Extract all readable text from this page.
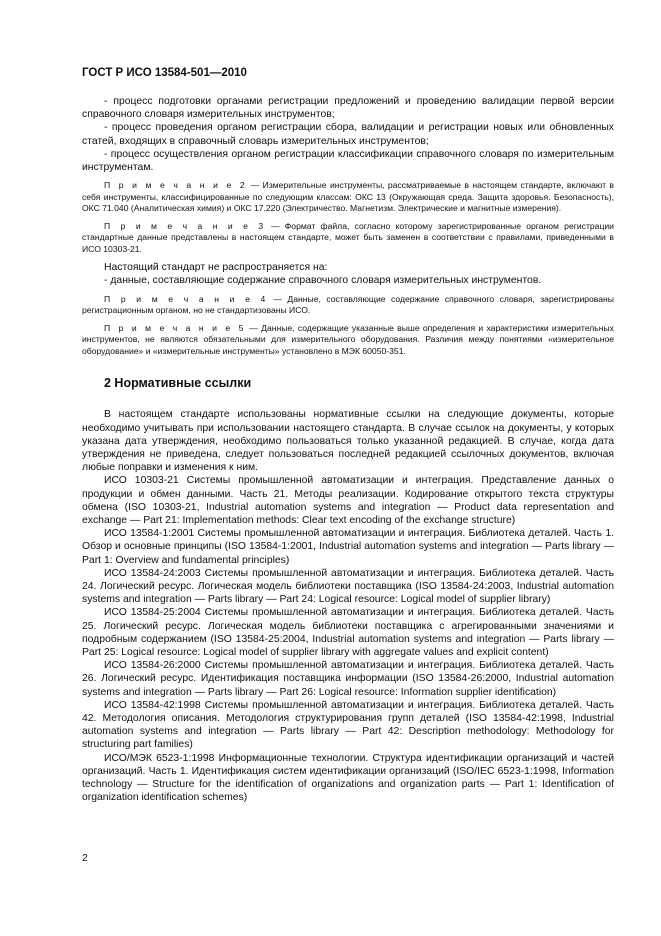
ГОСТ Р ИСО 13584-501—2010

- процесс подготовки органами регистрации предложений и проведению валидации первой версии справочного словаря измерительных инструментов;

- процесс проведения органом регистрации сбора, валидации и регистрации новых или обновленных статей, входящих в справочный словарь измерительных инструментов;

- процесс осуществления органом регистрации классификации справочного словаря по измерительным инструментам.

П р и м е ч а н и е 2 — Измерительные инструменты, рассматриваемые в настоящем стандарте, включают в себя инструменты, классифицированные по следующим классам: ОКС 13 (Окружающая среда. Защита здоровья. Безопасность), ОКС 71.040 (Аналитическая химия) и ОКС 17.220 (Электричество. Магнетизм. Электрические и магнитные измерения).

П р и м е ч а н и е 3 — Формат файла, согласно которому зарегистрированные органом регистрации стандартные данные представлены в настоящем стандарте, может быть заменен в соответствии с правилами, приведенными в ИСО 10303-21.

Настоящий стандарт не распространяется на:

- данные, составляющие содержание справочного словаря измерительных инструментов.

П р и м е ч а н и е 4 — Данные, составляющие содержание справочного словаря, зарегистрированы регистрационным органом, но не стандартизованы ИСО.

П р и м е ч а н и е 5 — Данные, содержащие указанные выше определения и характеристики измерительных инструментов, не являются обязательными для измерительного оборудования. Различия между понятиями «измерительное оборудование» и «измерительные инструменты» установлено в МЭК 60050-351.

2 Нормативные ссылки

В настоящем стандарте использованы нормативные ссылки на следующие документы, которые необходимо учитывать при использовании настоящего стандарта. В случае ссылок на документы, у которых указана дата утверждения, необходимо пользоваться только указанной редакцией. В случае, когда дата утверждения не приведена, следует пользоваться последней редакцией ссылочных документов, включая любые поправки и изменения к ним.

ИСО 10303-21 Системы промышленной автоматизации и интеграция. Представление данных о продукции и обмен данными. Часть 21. Методы реализации. Кодирование открытого текста структуры обмена (ISO 10303-21, Industrial automation systems and integration — Product data representation and exchange — Part 21: Implementation methods: Clear text encoding of the exchange structure)

ИСО 13584-1:2001 Системы промышленной автоматизации и интеграция. Библиотека деталей. Часть 1. Обзор и основные принципы (ISO 13584-1:2001, Industrial automation systems and integration — Parts library — Part 1: Overview and fundamental principles)

ИСО 13584-24:2003 Системы промышленной автоматизации и интеграция. Библиотека деталей. Часть 24. Логический ресурс. Логическая модель библиотеки поставщика (ISO 13584-24:2003, Industrial automation systems and integration — Parts library — Part 24: Logical resource: Logical model of supplier library)

ИСО 13584-25:2004 Системы промышленной автоматизации и интеграция. Библиотека деталей. Часть 25. Логический ресурс. Логическая модель библиотеки поставщика с агрегированными значениями и подробным содержанием (ISO 13584-25:2004, Industrial automation systems and integration — Parts library — Part 25: Logical resource: Logical model of supplier library with aggregate values and explicit content)

ИСО 13584-26:2000 Системы промышленной автоматизации и интеграция. Библиотека деталей. Часть 26. Логический ресурс. Идентификация поставщика информации (ISO 13584-26:2000, Industrial automation systems and integration — Parts library — Part 26: Logical resource: Information supplier identification)

ИСО 13584-42:1998 Системы промышленной автоматизации и интеграция. Библиотека деталей. Часть 42. Методология описания. Методология структурирования групп деталей (ISO 13584-42:1998, Industrial automation systems and integration — Parts library — Part 42: Description methodology: Methodology for structuring part families)

ИСО/МЭК 6523-1:1998 Информационные технологии. Структура идентификации организаций и частей организаций. Часть 1. Идентификация систем идентификации организаций (ISO/IEC 6523-1:1998, Information technology — Structure for the identification of organizations and organization parts — Part 1: Identification of organization identification schemes)

2
